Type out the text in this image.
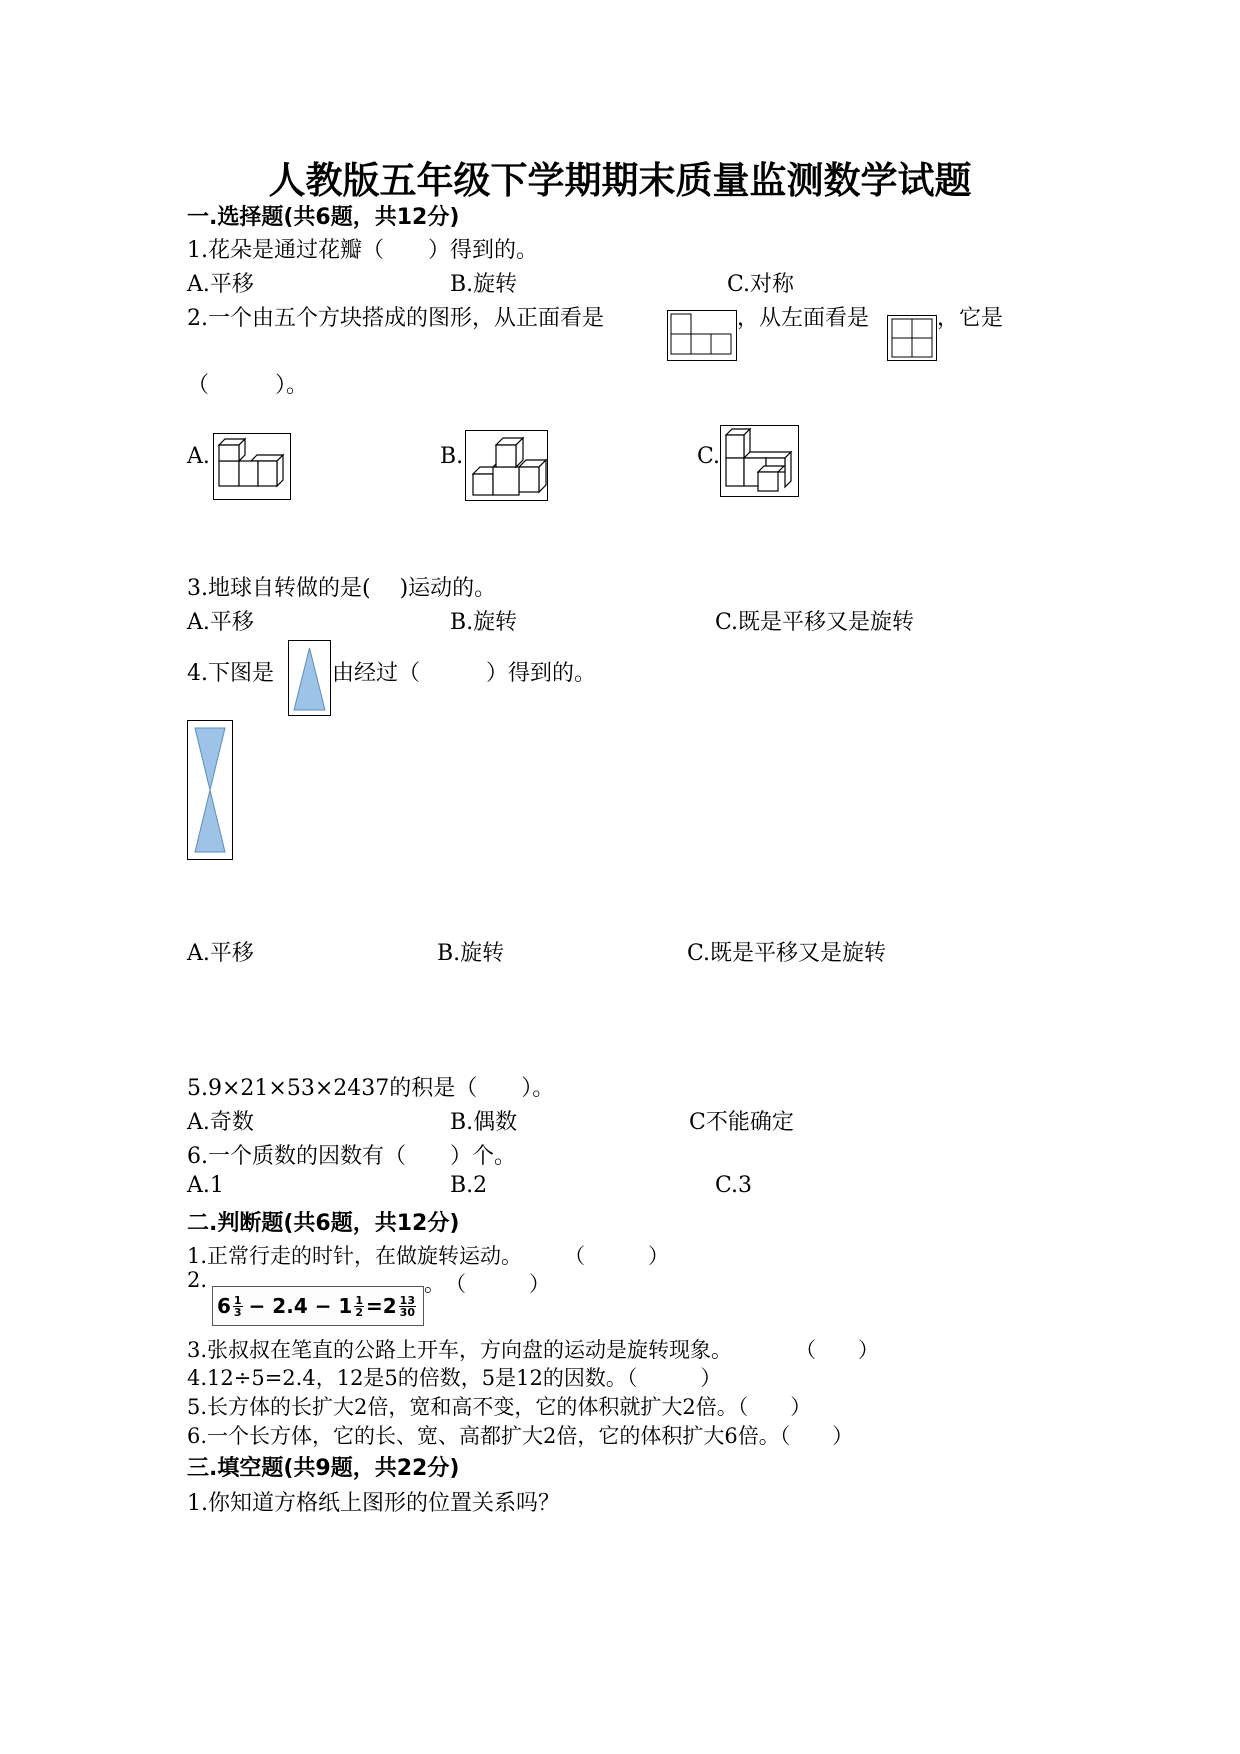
人教版五年级下学期期末质量监测数学试题
一.选择题(共6题，共12分)
1.花朵是通过花瓣（　　）得到的。
A.平移	B.旋转	C.对称
2.一个由五个方块搭成的图形，从正面看是	，从左面看是	，它是
（　　　）。
A.	B.	C.
3.地球自转做的是(　 )运动的。
A.平移	B.旋转	C.既是平移又是旋转
4.下图是	由经过（　　　）得到的。
A.平移	B.旋转	C.既是平移又是旋转
5.9×21×53×2437的积是（　　）。
A.奇数	B.偶数	C不能确定
6.一个质数的因数有（　　）个。
A.1	B.2	C.3
二.判断题(共6题，共12分)
1.正常行走的时针，在做旋转运动。　　　（　　　）
2.
$6 \frac{1}{3} - 2.4 - 1 \frac{1}{2} =2 \frac{13}{30}$
。　（　　　）
3.张叔叔在笔直的公路上开车，方向盘的运动是旋转现象。　　　　（　　）
4.12÷5=2.4，12是5的倍数，5是12的因数。（　　　）
5.长方体的长扩大2倍，宽和高不变，它的体积就扩大2倍。（　　）
6.一个长方体，它的长、宽、高都扩大2倍，它的体积扩大6倍。（　　）
三.填空题(共9题，共22分)
1.你知道方格纸上图形的位置关系吗？
